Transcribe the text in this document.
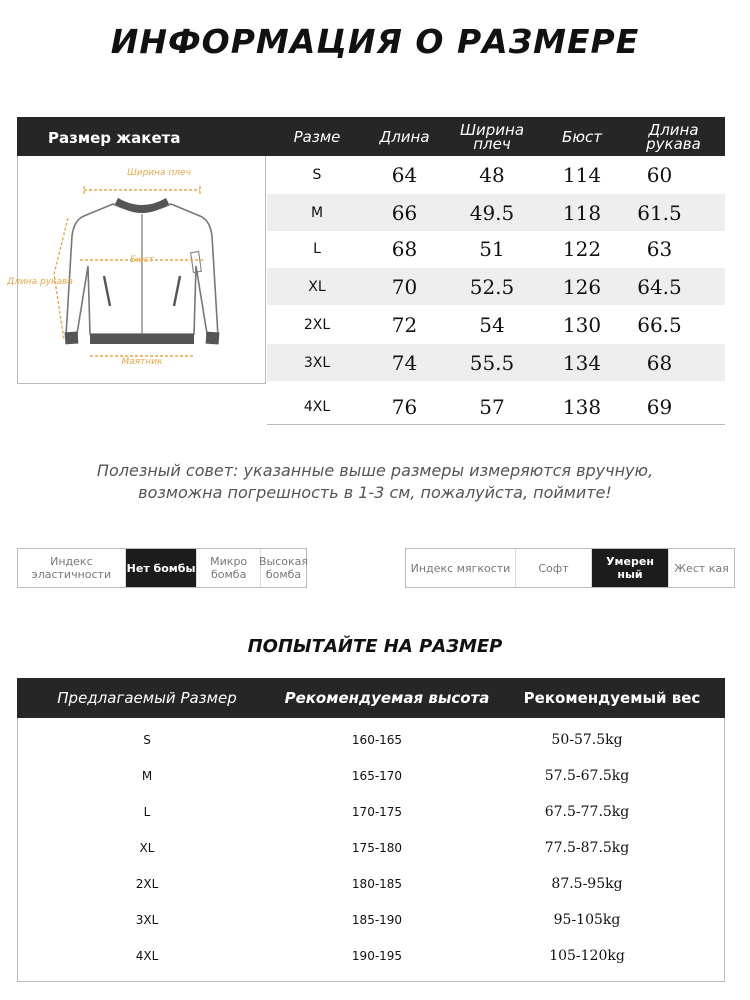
ИНФОРМАЦИЯ О РАЗМЕРЕ
Размер жакета	Разме	Длина	Ширина плеч	Бюст	Длина рукава
Ширина плеч
Бюст
Длина рукава
Маятник
S	64	48	114	60
M	66	49.5	118	61.5
L	68	51	122	63
XL	70	52.5	126	64.5
2XL	72	54	130	66.5
3XL	74	55.5	134	68
4XL	76	57	138	69
Полезный совет: указанные выше размеры измеряются вручную,
возможна погрешность в 1-3 см, пожалуйста, поймите!
Индекс эластичности	Нет бомбы	Микро бомба
Высокая бомба	Индекс мягкости	Софт	Умерен ный	Жест кая
ПОПЫТАЙТЕ НА РАЗМЕР
Предлагаемый Размер	Рекомендуемая высота	Рекомендуемый вес
S	160-165	50-57.5kg
M	165-170	57.5-67.5kg
L	170-175	67.5-77.5kg
XL	175-180	77.5-87.5kg
2XL	180-185	87.5-95kg
3XL	185-190	95-105kg
4XL	190-195	105-120kg
